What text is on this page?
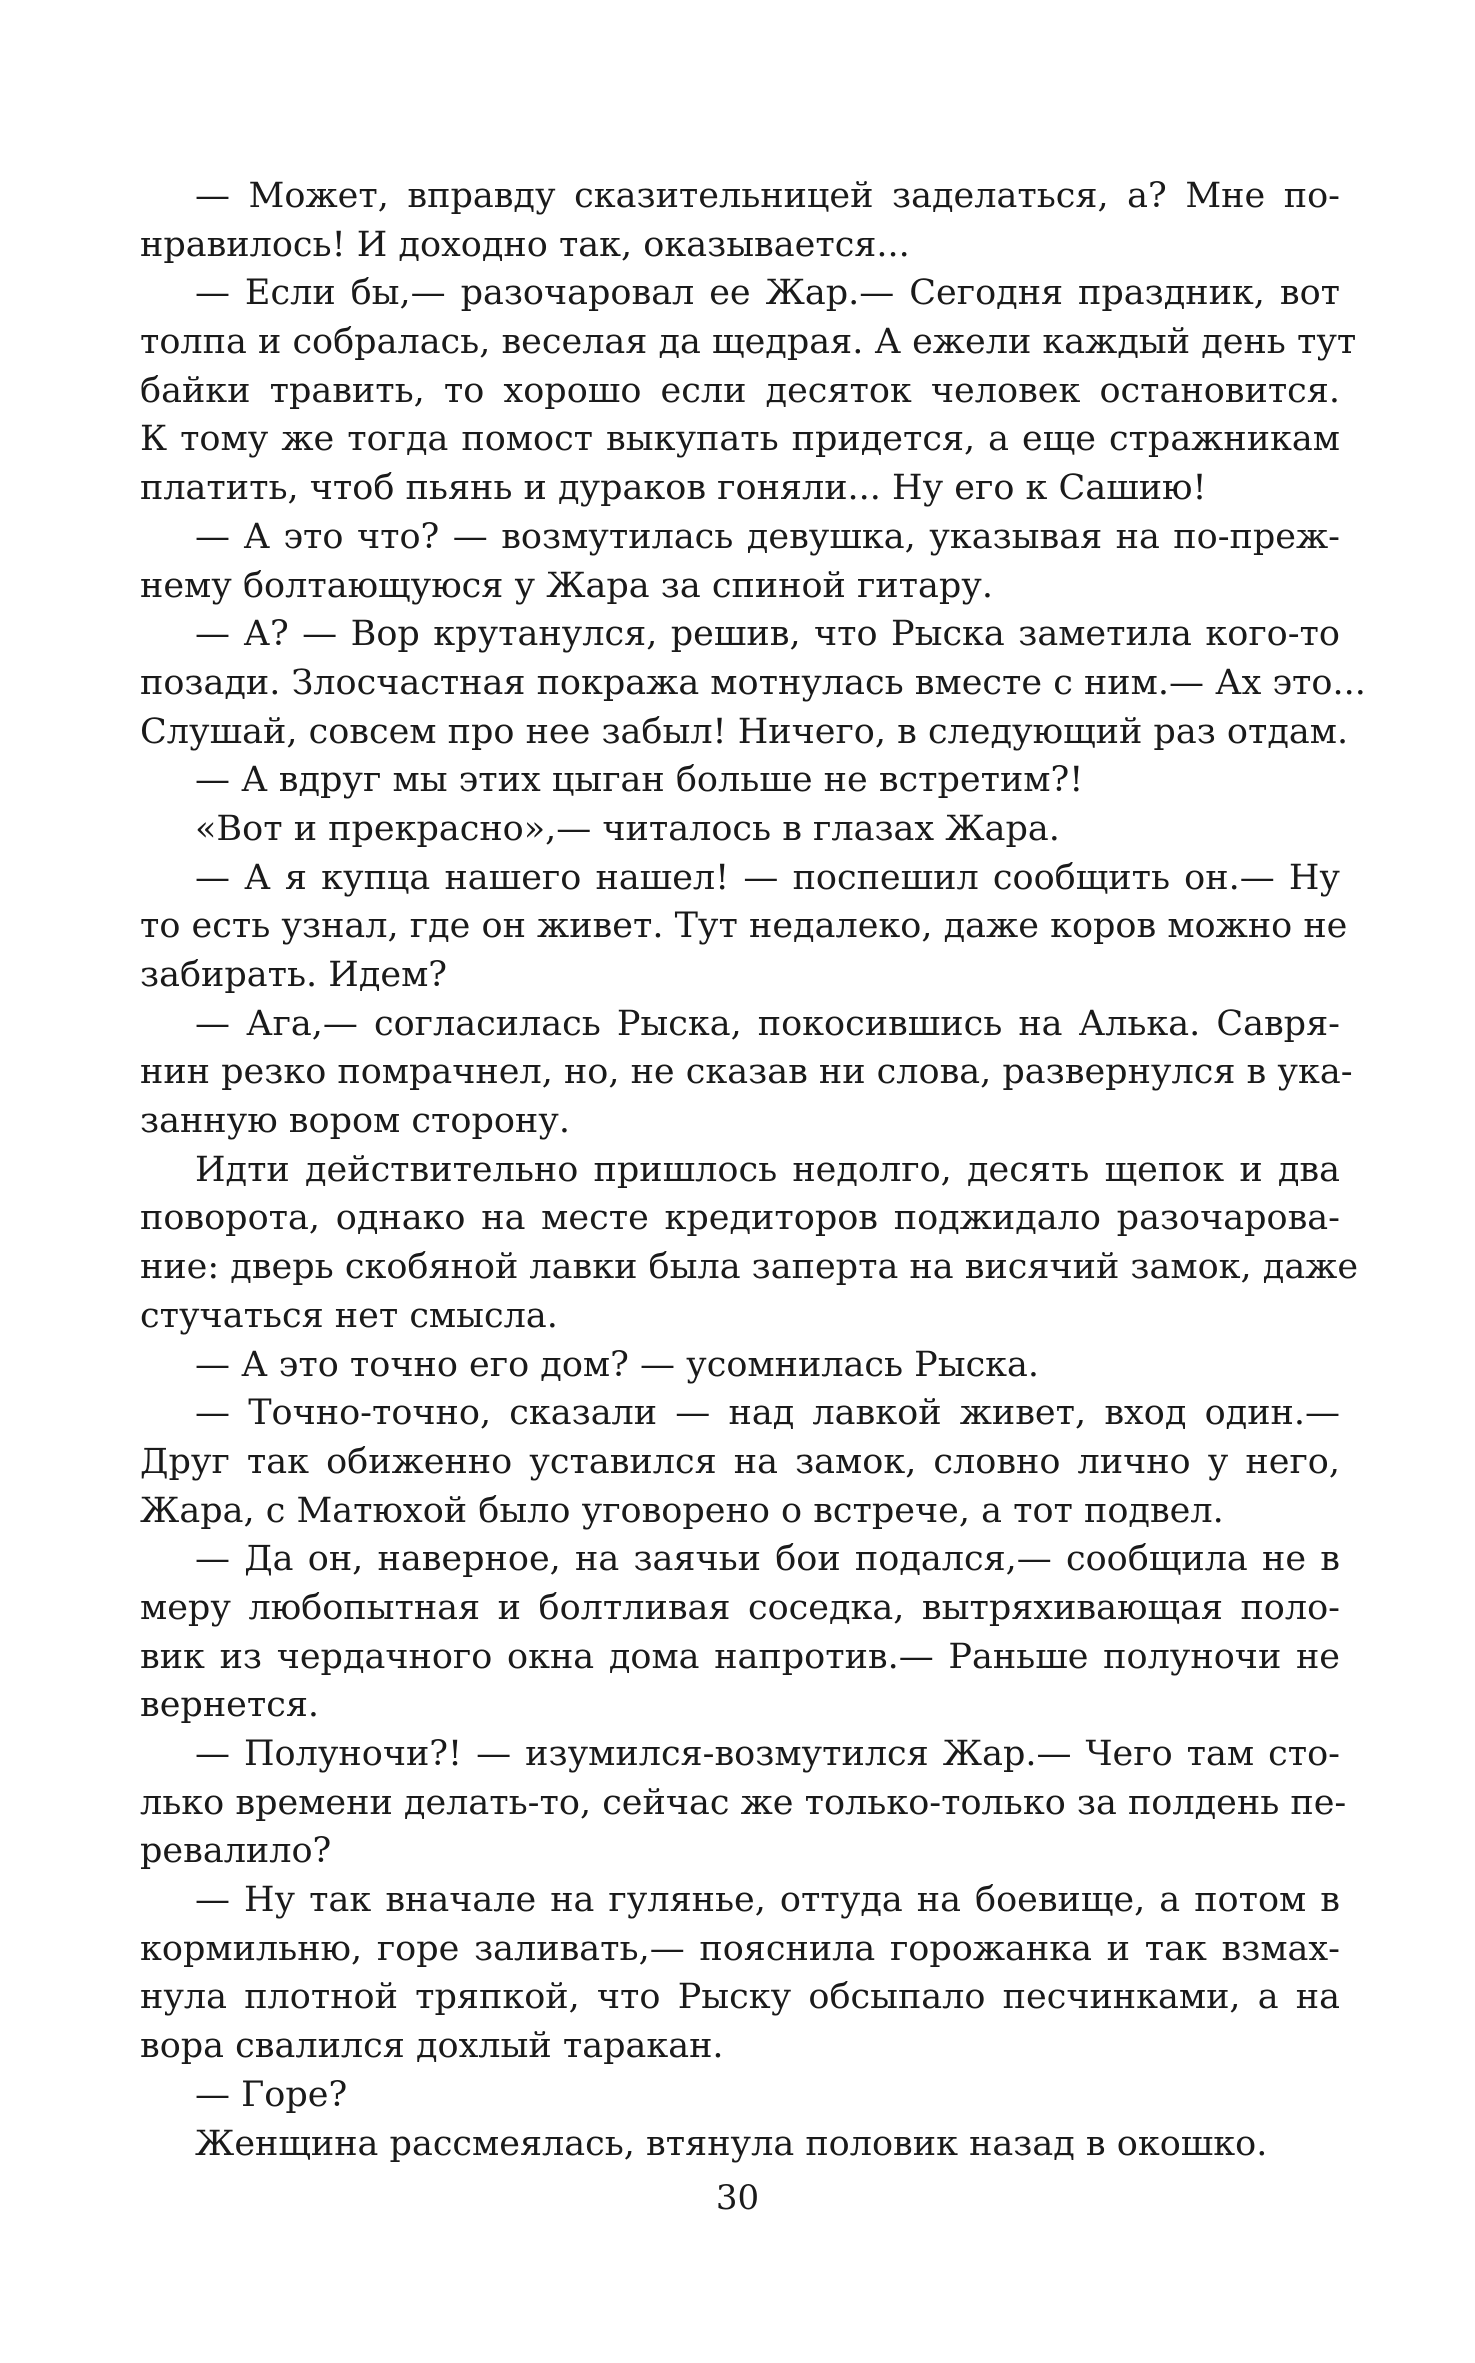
— Может, вправду сказительницей заделаться, а? Мне по-
нравилось! И доходно так, оказывается...
— Если бы,— разочаровал ее Жар.— Сегодня праздник, вот
толпа и собралась, веселая да щедрая. А ежели каждый день тут
байки травить, то хорошо если десяток человек остановится.
К тому же тогда помост выкупать придется, а еще стражникам
платить, чтоб пьянь и дураков гоняли... Ну его к Сашию!
— А это что? — возмутилась девушка, указывая на по-преж-
нему болтающуюся у Жара за спиной гитару.
— А? — Вор крутанулся, решив, что Рыска заметила кого-то
позади. Злосчастная покража мотнулась вместе с ним.— Ах это...
Слушай, совсем про нее забыл! Ничего, в следующий раз отдам.
— А вдруг мы этих цыган больше не встретим?!
«Вот и прекрасно»,— читалось в глазах Жара.
— А я купца нашего нашел! — поспешил сообщить он.— Ну
то есть узнал, где он живет. Тут недалеко, даже коров можно не
забирать. Идем?
— Ага,— согласилась Рыска, покосившись на Алька. Савря-
нин резко помрачнел, но, не сказав ни слова, развернулся в ука-
занную вором сторону.
Идти действительно пришлось недолго, десять щепок и два
поворота, однако на месте кредиторов поджидало разочарова-
ние: дверь скобяной лавки была заперта на висячий замок, даже
стучаться нет смысла.
— А это точно его дом? — усомнилась Рыска.
— Точно-точно, сказали — над лавкой живет, вход один.—
Друг так обиженно уставился на замок, словно лично у него,
Жара, с Матюхой было уговорено о встрече, а тот подвел.
— Да он, наверное, на заячьи бои подался,— сообщила не в
меру любопытная и болтливая соседка, вытряхивающая поло-
вик из чердачного окна дома напротив.— Раньше полуночи не
вернется.
— Полуночи?! — изумился-возмутился Жар.— Чего там сто-
лько времени делать-то, сейчас же только-только за полдень пе-
ревалило?
— Ну так вначале на гулянье, оттуда на боевище, а потом в
кормильню, горе заливать,— пояснила горожанка и так взмах-
нула плотной тряпкой, что Рыску обсыпало песчинками, а на
вора свалился дохлый таракан.
— Горе?
Женщина рассмеялась, втянула половик назад в окошко.
30
